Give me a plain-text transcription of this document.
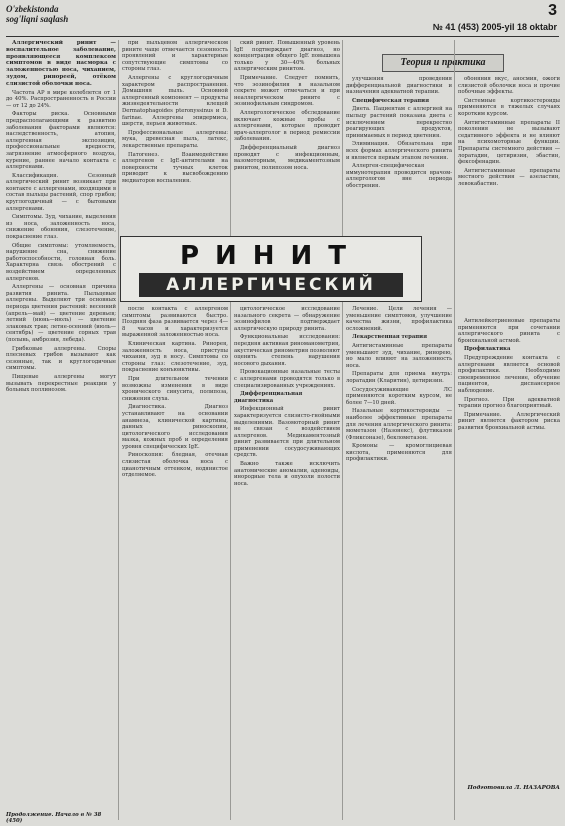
O'zbekistonda
sog'liqni saqlash	3
№ 41 (453) 2005-yil 18 oktabr
Теория и практика

Аллергический ринит — воспалительное заболевание, проявляющееся комплексом симптомов в виде насморка с заложенностью носа, чиханием, зудом, ринореей, отёком слизистой оболочки носа.

Частота АР в мире колеблется от 1 до 40%. Распространенность в России — от 12 до 24%.

Факторы риска. Основными предрасполагающими к развитию заболевания факторами являются: наследственность, атопия, аллергенная экспозиция, профессиональные вредности, загрязнение атмосферного воздуха, курение, раннее начало контакта с аллергенами.

Классификация. Сезонный аллергический ринит возникает при контакте с аллергенами, входящими в состав пыльцы растений, спор грибов; круглогодичный — с бытовыми аллергенами.

Симптомы. Зуд, чихание, выделения из носа, заложенность носа, снижение обоняния, слезотечение, покраснение глаз.

Общие симптомы: утомляемость, нарушение сна, снижение работоспособности, головная боль. Характерна связь обострений с воздействием определенных аллергенов.

Аллергены — основная причина развития ринита. Пыльцевые аллергены. Выделяют три основных периода цветения растений: весенний (апрель—май) — цветение деревьев; летний (июнь—июль) — цветение злаковых трав; летне-осенний (июль—сентябрь) — цветение сорных трав (полынь, амброзия, лебеда).

Грибковые аллергены. Споры плесневых грибов вызывают как сезонные, так и круглогодичные симптомы.

Пищевые аллергены могут вызывать перекрестные реакции у больных поллинозом.

при пыльцевом аллергическом рините чаще отмечается сезонность проявлений и характерные сопутствующие симптомы со стороны глаз.

Аллергены с круглогодичным характером распространения. Домашняя пыль. Основной аллергенный компонент — продукты жизнедеятельности клещей Dermatophagoides pteronyssinus и D. farinae. Аллергены эпидермиса, шерсти, перьев животных.

Профессиональные аллергены: мука, древесная пыль, латекс, лекарственные препараты.

Патогенез. Взаимодействие аллергенов с IgE-антителами на поверхности тучных клеток приводит к высвобождению медиаторов воспаления.

ский ринит. Повышенный уровень IgE подтверждает диагноз, но концентрация общего IgE повышена только у 30—40% больных аллергическим ринитом.

Примечание. Следует помнить, что эозинофилия в назальном секрете может отмечаться и при неаллергическом рините с эозинофильным синдромом.

Аллергологическое обследование включает кожные пробы с аллергенами, которые проводит врач-аллерголог в период ремиссии заболевания.

Дифференциальный диагноз проводят с инфекционным, вазомоторным, медикаментозным ринитом, полипозом носа.

улучшения проведения дифференциальной диагностики и назначения адекватной терапии.

Специфическая терапия

Диета. Пациентам с аллергией на пыльцу растений показана диета с исключением перекрестно реагирующих продуктов, принимаемых в период цветения.

Элиминация. Обязательна при всех формах аллергического ринита и является первым этапом лечения.

Аллерген-специфическая иммунотерапия проводится врачом-аллергологом вне периода обострения.

обоняния вкус, аносмия, ожоги слизистой оболочки носа и прочие побочные эффекты.

Системные кортикостероиды применяются в тяжелых случаях коротким курсом.

Антигистаминные препараты II поколения не вызывают седативного эффекта и не влияют на психомоторные функции. Препараты системного действия — лоратадин, цетиризин, эбастин, фексофенадин.

Антигистаминные препараты местного действия — азеластин, левокабастин.

РИНИТ
АЛЛЕРГИЧЕСКИЙ

после контакта с аллергеном симптомы развиваются быстро. Поздняя фаза развивается через 4—8 часов и характеризуется выраженной заложенностью носа.

Клиническая картина. Ринорея, заложенность носа, приступы чихания, зуд в носу. Симптомы со стороны глаз: слезотечение, зуд, покраснение конъюнктивы.

При длительном течении возможны изменения в виде хронического синусита, полипоза, снижения слуха.

Диагностика. Диагноз устанавливают на основании анамнеза, клинической картины, данных риноскопии, цитологического исследования мазка, кожных проб и определения уровня специфических IgE.

Риноскопия: бледная, отечная слизистая оболочка носа с цианотичным оттенком, водянистое отделяемое.

цитологическое исследование назального секрета — обнаружение эозинофилов подтверждает аллергическую природу ринита.

Функциональные исследования: передняя активная риноманометрия, акустическая ринометрия позволяют оценить степень нарушения носового дыхания.

Провокационные назальные тесты с аллергенами проводятся только в специализированных учреждениях.

Дифференциальная диагностика

Инфекционный ринит характеризуется слизисто-гнойными выделениями. Вазомоторный ринит не связан с воздействием аллергенов. Медикаментозный ринит развивается при длительном применении сосудосуживающих средств.

Важно также исключить анатомические аномалии, аденоиды, инородные тела и опухоли полости носа.

Лечение. Цели лечения — уменьшение симптомов, улучшение качества жизни, профилактика осложнений.

Лекарственная терапия

Антигистаминные препараты уменьшают зуд, чихание, ринорею, но мало влияют на заложенность носа.

Препараты для приема внутрь: лоратадин (Кларитин), цетиризин.

Сосудосуживающие ЛС применяются коротким курсом, не более 7—10 дней.

Назальные кортикостероиды — наиболее эффективные препараты для лечения аллергического ринита: мометазон (Назонекс), флутиказон (Фликсоназе), беклометазон.

Кромоны — кромоглициевая кислота, применяются для профилактики.

Антилейкотриеновые препараты применяются при сочетании аллергического ринита с бронхиальной астмой.

Профилактика

Предупреждение контакта с аллергенами является основой профилактики. Необходимо своевременное лечение, обучение пациентов, диспансерное наблюдение.

Прогноз. При адекватной терапии прогноз благоприятный.

Примечание. Аллергический ринит является фактором риска развития бронхиальной астмы.

Подготовила Л. НАЗАРОВА
Продолжение. Начало в № 38 (450)
